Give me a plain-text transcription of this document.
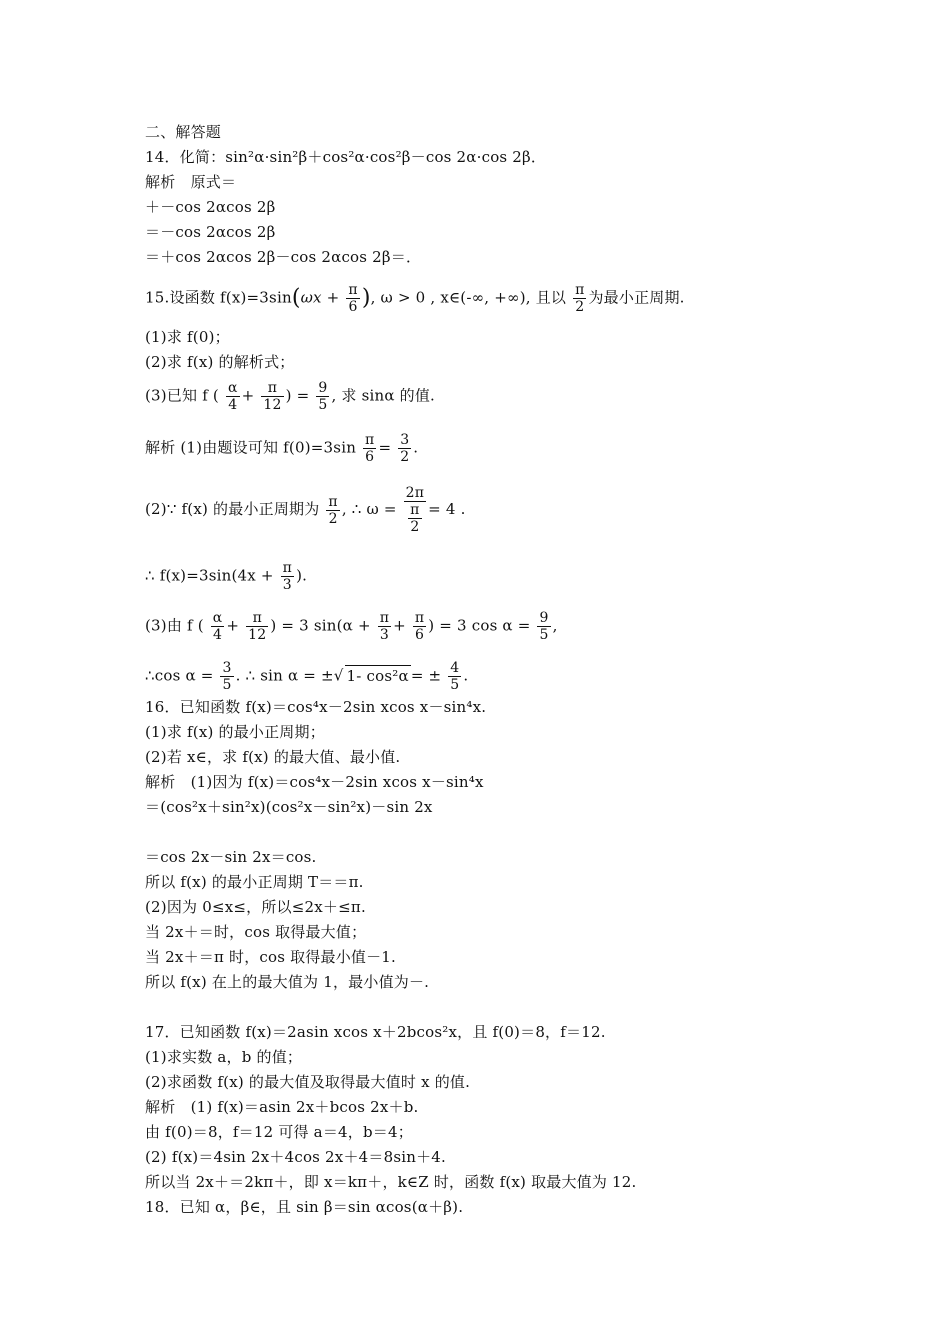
二、解答题
14．化简：sin²α·sin²β＋cos²α·cos²β－cos 2α·cos 2β．
解析　原式＝
＋－cos 2αcos 2β
＝－cos 2αcos 2β
＝＋cos 2αcos 2β－cos 2αcos 2β＝．
15.设函数 $f(x)=3\sin(\omega x + \frac{\pi}{6}$ ), ω > 0 , x∈(-∞, +∞), 且以 $\frac{\pi}{2}$ 为最小正周期.
(1)求 f(0)；
(2)求 f(x) 的解析式；
(3)已知 f ( $\frac{\alpha}{4} + \frac{\pi}{12}$ ) = $\frac{9}{5}$ , 求 sinα 的值.
解析 (1)由题设可知 $f(0)=3\sin \frac{\pi}{6} = \frac{3}{2}$ .
(2)∵ f(x) 的最小正周期为 $\frac{\pi}{2}$ , ∴ $\omega = \frac{2\pi}{\frac{\pi}{2}} = 4$ .
∴ $f(x)=3\sin(4x + \frac{\pi}{3}$ ).
(3)由 f ( $\frac{\alpha}{4} + \frac{\pi}{12}$ ) = 3 $\sin(\alpha + \frac{\pi}{3} + \frac{\pi}{6}$ ) = 3 $\cos \alpha = \frac{9}{5}$ ,
∴cos $\alpha = \frac{3}{5}$ . ∴ sin α = ±√ 1- cos²α = ± $\frac{4}{5}$ .
16．已知函数 f(x)＝cos⁴x－2sin xcos x－sin⁴x.
(1)求 f(x) 的最小正周期；
(2)若 x∈，求 f(x) 的最大值、最小值.
解析　(1)因为 f(x)＝cos⁴x－2sin xcos x－sin⁴x
＝(cos²x＋sin²x)(cos²x－sin²x)－sin 2x
＝cos 2x－sin 2x＝cos.
所以 f(x) 的最小正周期 T＝＝π.
(2)因为 0≤x≤，所以≤2x＋≤π.
当 2x＋＝时，cos 取得最大值；
当 2x＋＝π 时，cos 取得最小值－1.
所以 f(x) 在上的最大值为 1，最小值为－.
17．已知函数 f(x)＝2asin xcos x＋2bcos²x，且 f(0)＝8，f＝12.
(1)求实数 a，b 的值；
(2)求函数 f(x) 的最大值及取得最大值时 x 的值.
解析　(1) f(x)＝asin 2x＋bcos 2x＋b.
由 f(0)＝8，f＝12 可得 a＝4，b＝4；
(2) f(x)＝4sin 2x＋4cos 2x＋4＝8sin＋4.
所以当 2x＋＝2kπ＋，即 x＝kπ＋，k∈Z 时，函数 f(x) 取最大值为 12.
18．已知 α，β∈，且 sin β＝sin αcos(α＋β).
